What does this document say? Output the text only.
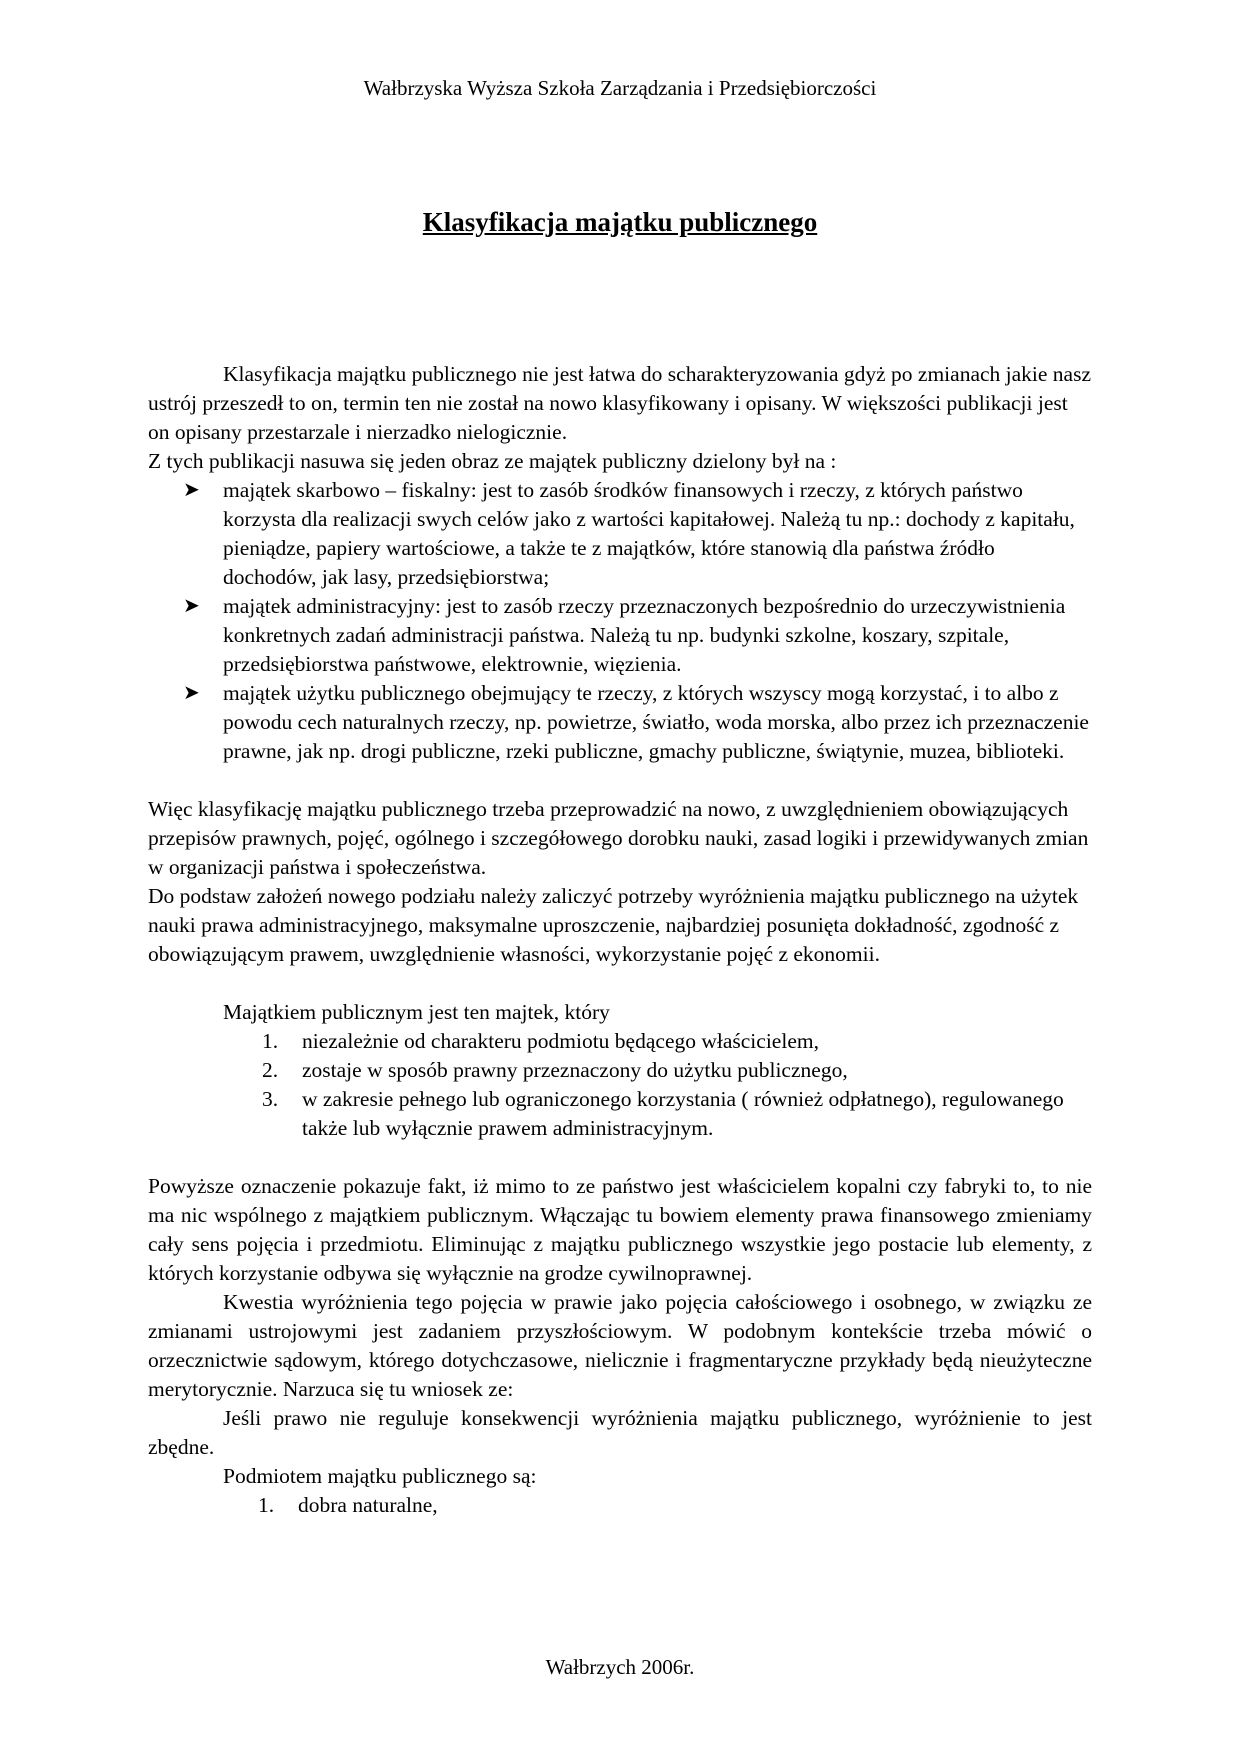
Wałbrzyska Wyższa Szkoła Zarządzania i Przedsiębiorczości
Klasyfikacja majątku publicznego

Klasyfikacja majątku publicznego nie jest łatwa do scharakteryzowania gdyż po zmianach jakie nasz ustrój przeszedł to on, termin ten nie został na nowo klasyfikowany i opisany. W większości publikacji jest on opisany przestarzale i nierzadko nielogicznie.

Z tych publikacji nasuwa się jeden obraz ze majątek publiczny dzielony był na :

➤ majątek skarbowo – fiskalny: jest to zasób środków finansowych i rzeczy, z których państwo korzysta dla realizacji swych celów jako z wartości kapitałowej. Należą tu np.: dochody z kapitału, pieniądze, papiery wartościowe, a także te z majątków, które stanowią dla państwa źródło dochodów, jak lasy, przedsiębiorstwa;
➤ majątek administracyjny: jest to zasób rzeczy przeznaczonych bezpośrednio do urzeczywistnienia konkretnych zadań administracji państwa. Należą tu np. budynki szkolne, koszary, szpitale, przedsiębiorstwa państwowe, elektrownie, więzienia.
➤ majątek użytku publicznego obejmujący te rzeczy, z których wszyscy mogą korzystać, i to albo z powodu cech naturalnych rzeczy, np. powietrze, światło, woda morska, albo przez ich przeznaczenie prawne, jak np. drogi publiczne, rzeki publiczne, gmachy publiczne, świątynie, muzea, biblioteki.

Więc klasyfikację majątku publicznego trzeba przeprowadzić na nowo, z uwzględnieniem obowiązujących przepisów prawnych, pojęć, ogólnego i szczegółowego dorobku nauki, zasad logiki i przewidywanych zmian w organizacji państwa i społeczeństwa.

Do podstaw założeń nowego podziału należy zaliczyć potrzeby wyróżnienia majątku publicznego na użytek nauki prawa administracyjnego, maksymalne uproszczenie, najbardziej posunięta dokładność, zgodność z obowiązującym prawem, uwzględnienie własności, wykorzystanie pojęć z ekonomii.

Majątkiem publicznym jest ten majtek, który

1. niezależnie od charakteru podmiotu będącego właścicielem,
2. zostaje w sposób prawny przeznaczony do użytku publicznego,
3. w zakresie pełnego lub ograniczonego korzystania ( również odpłatnego), regulowanego także lub wyłącznie prawem administracyjnym.

Powyższe oznaczenie pokazuje fakt, iż mimo to ze państwo jest właścicielem kopalni czy fabryki to, to nie ma nic wspólnego z majątkiem publicznym. Włączając tu bowiem elementy prawa finansowego zmieniamy cały sens pojęcia i przedmiotu. Eliminując z majątku publicznego wszystkie jego postacie lub elementy, z których korzystanie odbywa się wyłącznie na grodze cywilnoprawnej.

Kwestia wyróżnienia tego pojęcia w prawie jako pojęcia całościowego i osobnego, w związku ze zmianami ustrojowymi jest zadaniem przyszłościowym. W podobnym kontekście trzeba mówić o orzecznictwie sądowym, którego dotychczasowe, nielicznie i fragmentaryczne przykłady będą nieużyteczne merytorycznie. Narzuca się tu wniosek ze:

Jeśli prawo nie reguluje konsekwencji wyróżnienia majątku publicznego, wyróżnienie to jest zbędne.

Podmiotem majątku publicznego są:

1. dobra naturalne,
Wałbrzych 2006r.
